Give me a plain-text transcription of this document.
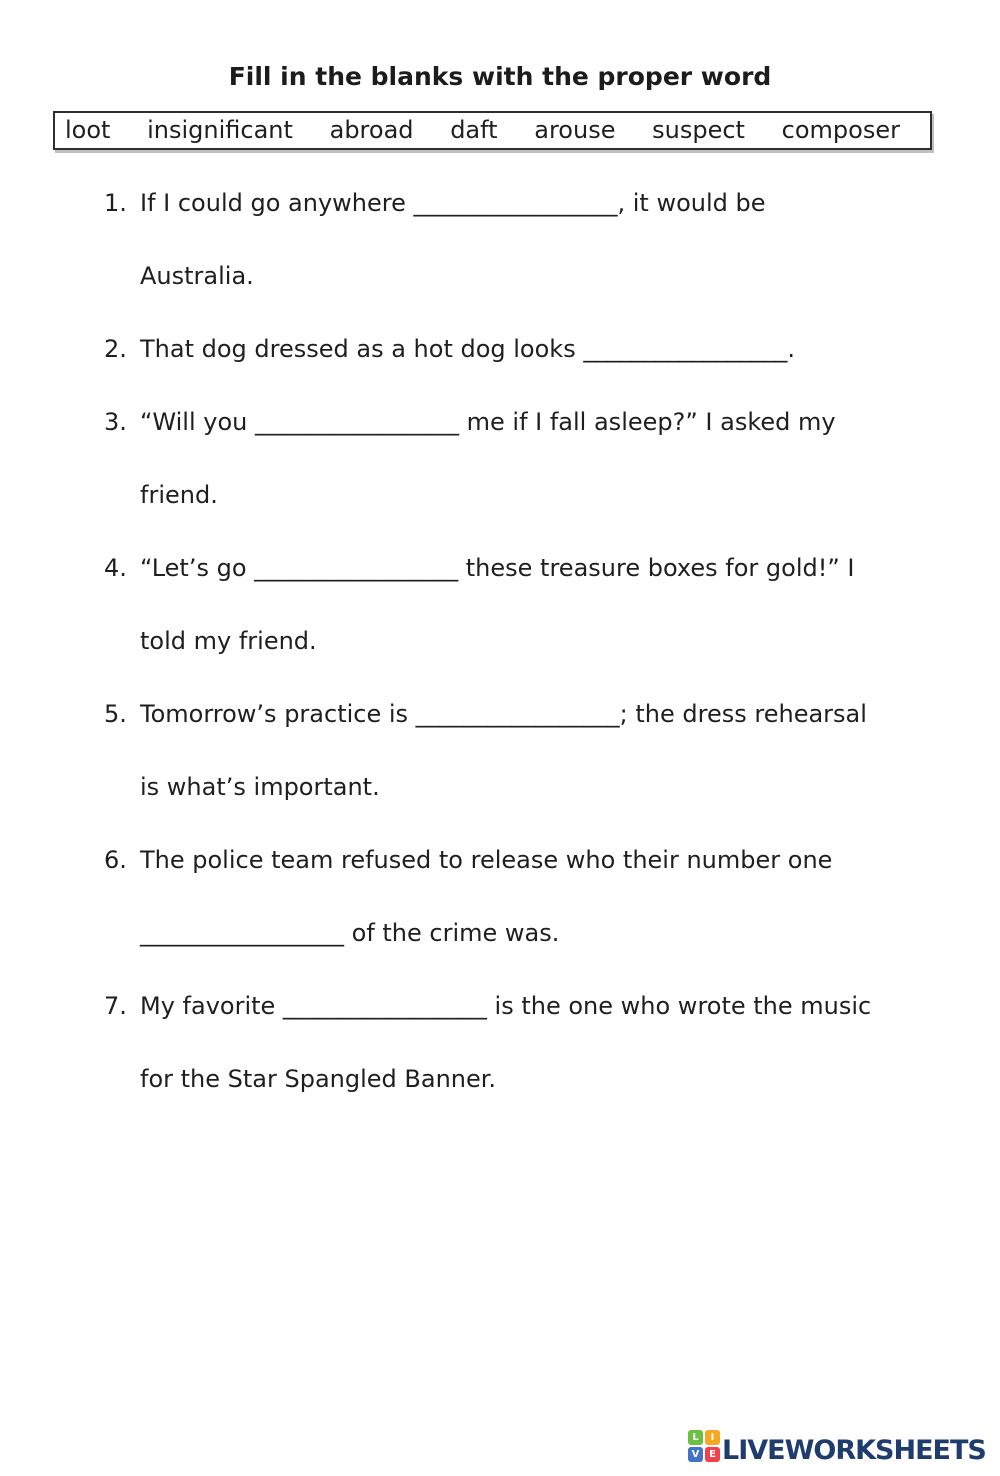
Fill in the blanks with the proper word
loot insignificant abroad daft arouse suspect composer
1. If I could go anywhere _________________, it would be
Australia.
2. That dog dressed as a hot dog looks _________________.
3. “Will you _________________ me if I fall asleep?” I asked my
friend.
4. “Let’s go _________________ these treasure boxes for gold!” I
told my friend.
5. Tomorrow’s practice is _________________; the dress rehearsal
is what’s important.
6. The police team refused to release who their number one
_________________ of the crime was.
7. My favorite _________________ is the one who wrote the music
for the Star Spangled Banner.
L	I
V E LIVEWORKSHEETS
